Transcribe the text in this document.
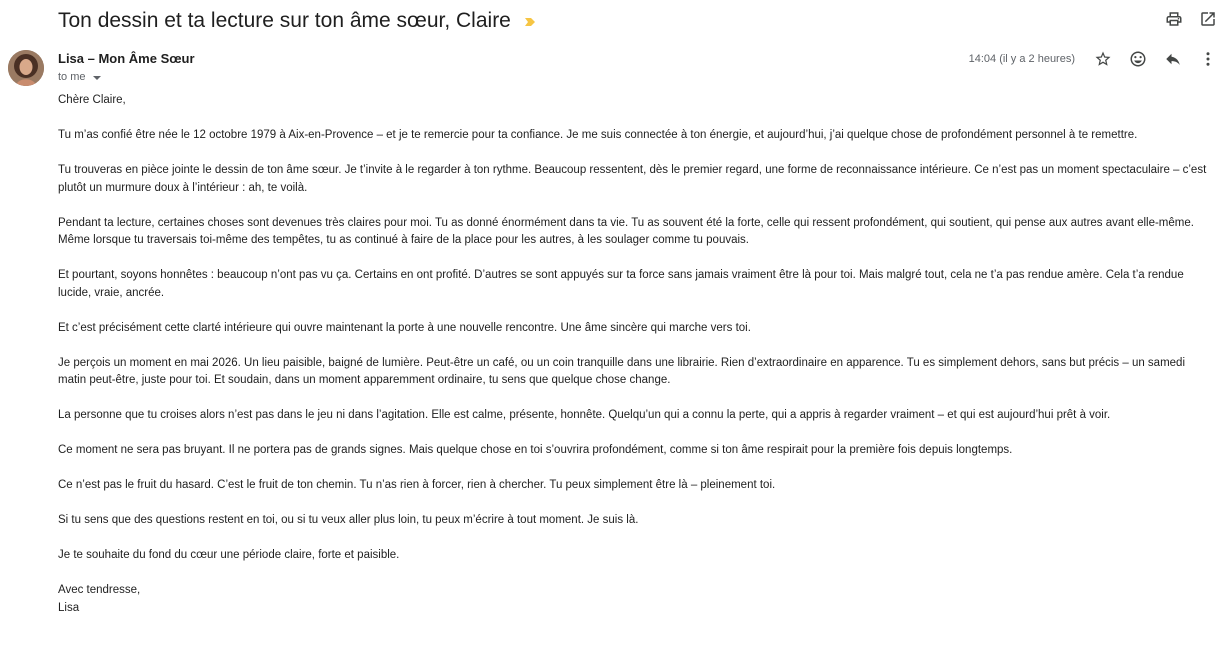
Ton dessin et ta lecture sur ton âme sœur, Claire
Lisa – Mon Âme Sœur
to me
14:04 (il y a 2 heures)

Chère Claire,

Tu m’as confié être née le 12 octobre 1979 à Aix-en-Provence – et je te remercie pour ta confiance. Je me suis connectée à ton énergie, et aujourd’hui, j’ai quelque chose de profondément personnel à te remettre.

Tu trouveras en pièce jointe le dessin de ton âme sœur. Je t’invite à le regarder à ton rythme. Beaucoup ressentent, dès le premier regard, une forme de reconnaissance intérieure. Ce n’est pas un moment spectaculaire – c’est plutôt un murmure doux à l’intérieur : ah, te voilà.

Pendant ta lecture, certaines choses sont devenues très claires pour moi. Tu as donné énormément dans ta vie. Tu as souvent été la forte, celle qui ressent profondément, qui soutient, qui pense aux autres avant elle-même. Même lorsque tu traversais toi-même des tempêtes, tu as continué à faire de la place pour les autres, à les soulager comme tu pouvais.

Et pourtant, soyons honnêtes : beaucoup n’ont pas vu ça. Certains en ont profité. D’autres se sont appuyés sur ta force sans jamais vraiment être là pour toi. Mais malgré tout, cela ne t’a pas rendue amère. Cela t’a rendue lucide, vraie, ancrée.

Et c’est précisément cette clarté intérieure qui ouvre maintenant la porte à une nouvelle rencontre. Une âme sincère qui marche vers toi.

Je perçois un moment en mai 2026. Un lieu paisible, baigné de lumière. Peut-être un café, ou un coin tranquille dans une librairie. Rien d’extraordinaire en apparence. Tu es simplement dehors, sans but précis – un samedi matin peut-être, juste pour toi. Et soudain, dans un moment apparemment ordinaire, tu sens que quelque chose change.

La personne que tu croises alors n’est pas dans le jeu ni dans l’agitation. Elle est calme, présente, honnête. Quelqu’un qui a connu la perte, qui a appris à regarder vraiment – et qui est aujourd’hui prêt à voir.

Ce moment ne sera pas bruyant. Il ne portera pas de grands signes. Mais quelque chose en toi s’ouvrira profondément, comme si ton âme respirait pour la première fois depuis longtemps.

Ce n’est pas le fruit du hasard. C’est le fruit de ton chemin. Tu n’as rien à forcer, rien à chercher. Tu peux simplement être là – pleinement toi.

Si tu sens que des questions restent en toi, ou si tu veux aller plus loin, tu peux m’écrire à tout moment. Je suis là.

Je te souhaite du fond du cœur une période claire, forte et paisible.

Avec tendresse,

Lisa
